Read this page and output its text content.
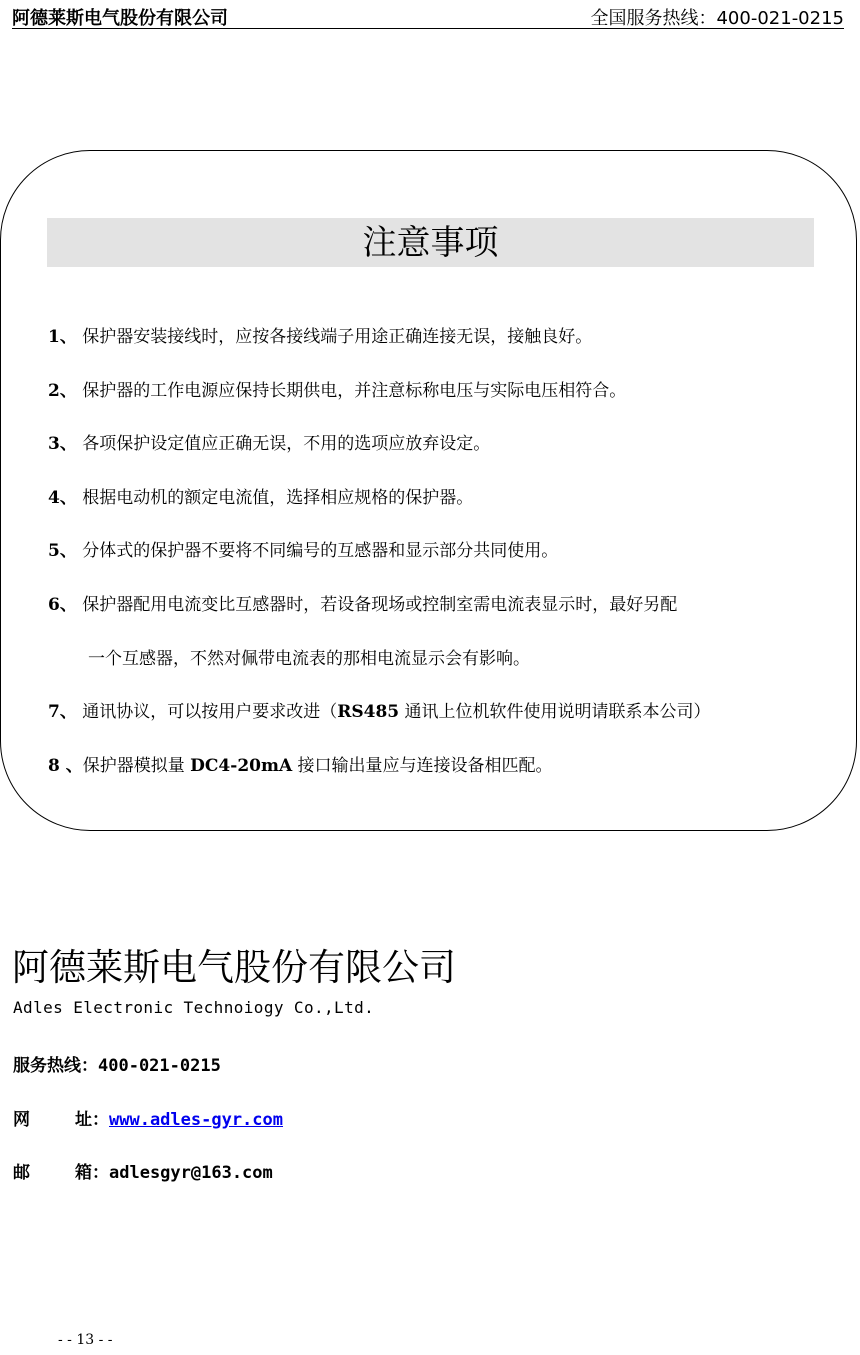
阿德莱斯电气股份有限公司	全国服务热线：400-021-0215
注意事项
1、 保护器安装接线时，应按各接线端子用途正确连接无误，接触良好。
2、 保护器的工作电源应保持长期供电，并注意标称电压与实际电压相符合。
3、 各项保护设定值应正确无误，不用的选项应放弃设定。
4、 根据电动机的额定电流值，选择相应规格的保护器。
5、 分体式的保护器不要将不同编号的互感器和显示部分共同使用。
6、 保护器配用电流变比互感器时，若设备现场或控制室需电流表显示时，最好另配
一个互感器，不然对佩带电流表的那相电流显示会有影响。
7、 通讯协议，可以按用户要求改进（RS485 通讯上位机软件使用说明请联系本公司）
8 、保护器模拟量 DC4-20mA 接口输出量应与连接设备相匹配。
阿德莱斯电气股份有限公司
Adles Electronic Technoiogy Co.,Ltd.
服务热线：400-021-0215
网	址：www.adles-gyr.com
邮	箱：adlesgyr@163.com
- - 13 - -
